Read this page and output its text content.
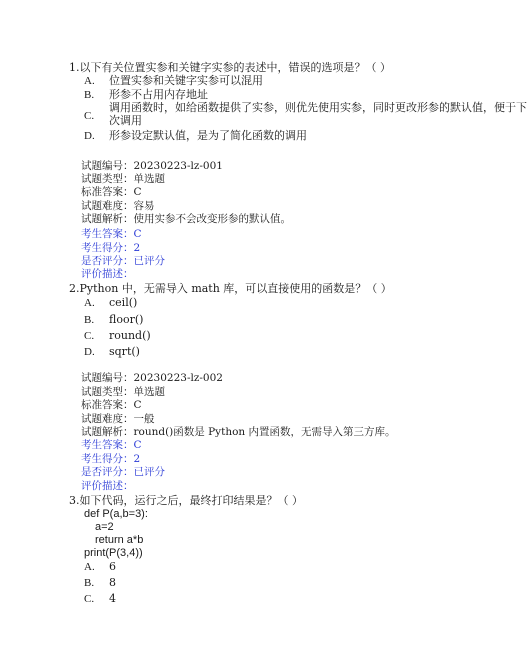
1.以下有关位置实参和关键字实参的表述中，错误的选项是？（ ）
A. 位置实参和关键字实参可以混用
B. 形参不占用内存地址
C.
调用函数时，如给函数提供了实参，则优先使用实参，同时更改形参的默认值，便于下
次调用
D. 形参设定默认值，是为了简化函数的调用
试题编号：20230223-lz-001
试题类型：单选题
标准答案：C
试题难度：容易
试题解析：使用实参不会改变形参的默认值。
考生答案：C
考生得分：2
是否评分：已评分
评价描述：
2.Python 中，无需导入 math 库，可以直接使用的函数是？（ ）
A. ceil()
B. floor()
C. round()
D. sqrt()
试题编号：20230223-lz-002
试题类型：单选题
标准答案：C
试题难度：一般
试题解析：round()函数是 Python 内置函数，无需导入第三方库。
考生答案：C
考生得分：2
是否评分：已评分
评价描述：
3.如下代码，运行之后，最终打印结果是？（ ）
def P(a,b=3):
a=2
return a*b
print(P(3,4))
A. 6
B. 8
C. 4
